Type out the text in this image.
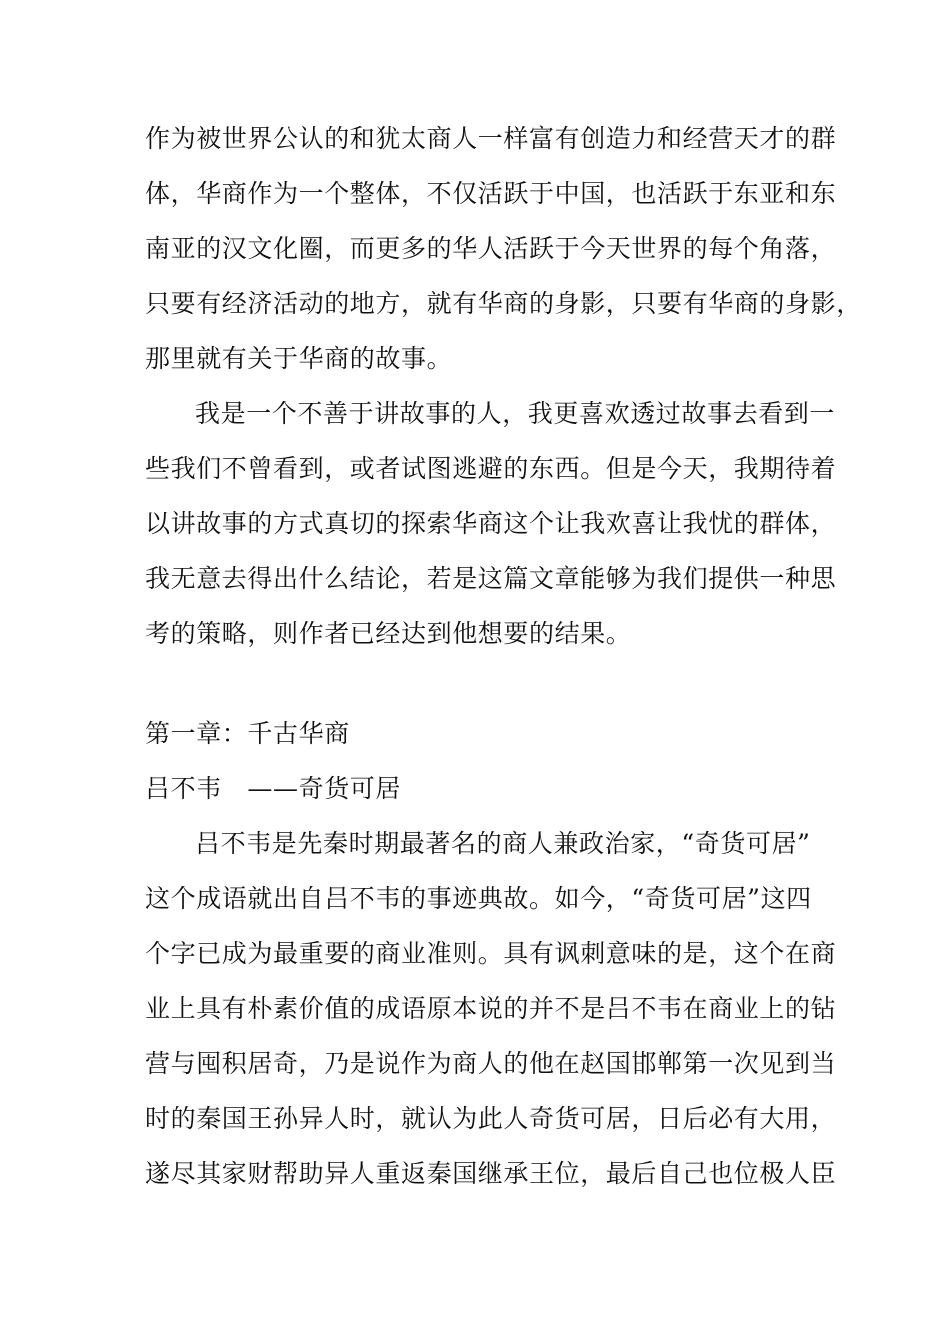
作为被世界公认的和犹太商人一样富有创造力和经营天才的群
体，华商作为一个整体，不仅活跃于中国，也活跃于东亚和东
南亚的汉文化圈，而更多的华人活跃于今天世界的每个角落，
只要有经济活动的地方，就有华商的身影，只要有华商的身影，
那里就有关于华商的故事。
我是一个不善于讲故事的人，我更喜欢透过故事去看到一
些我们不曾看到，或者试图逃避的东西。但是今天，我期待着
以讲故事的方式真切的探索华商这个让我欢喜让我忧的群体，
我无意去得出什么结论，若是这篇文章能够为我们提供一种思
考的策略，则作者已经达到他想要的结果。
第一章：千古华商
吕不韦　——奇货可居
吕不韦是先秦时期最著名的商人兼政治家，“奇货可居”
这个成语就出自吕不韦的事迹典故。如今，“奇货可居”这四
个字已成为最重要的商业准则。具有讽刺意味的是，这个在商
业上具有朴素价值的成语原本说的并不是吕不韦在商业上的钻
营与囤积居奇，乃是说作为商人的他在赵国邯郸第一次见到当
时的秦国王孙异人时，就认为此人奇货可居，日后必有大用，
遂尽其家财帮助异人重返秦国继承王位，最后自己也位极人臣
